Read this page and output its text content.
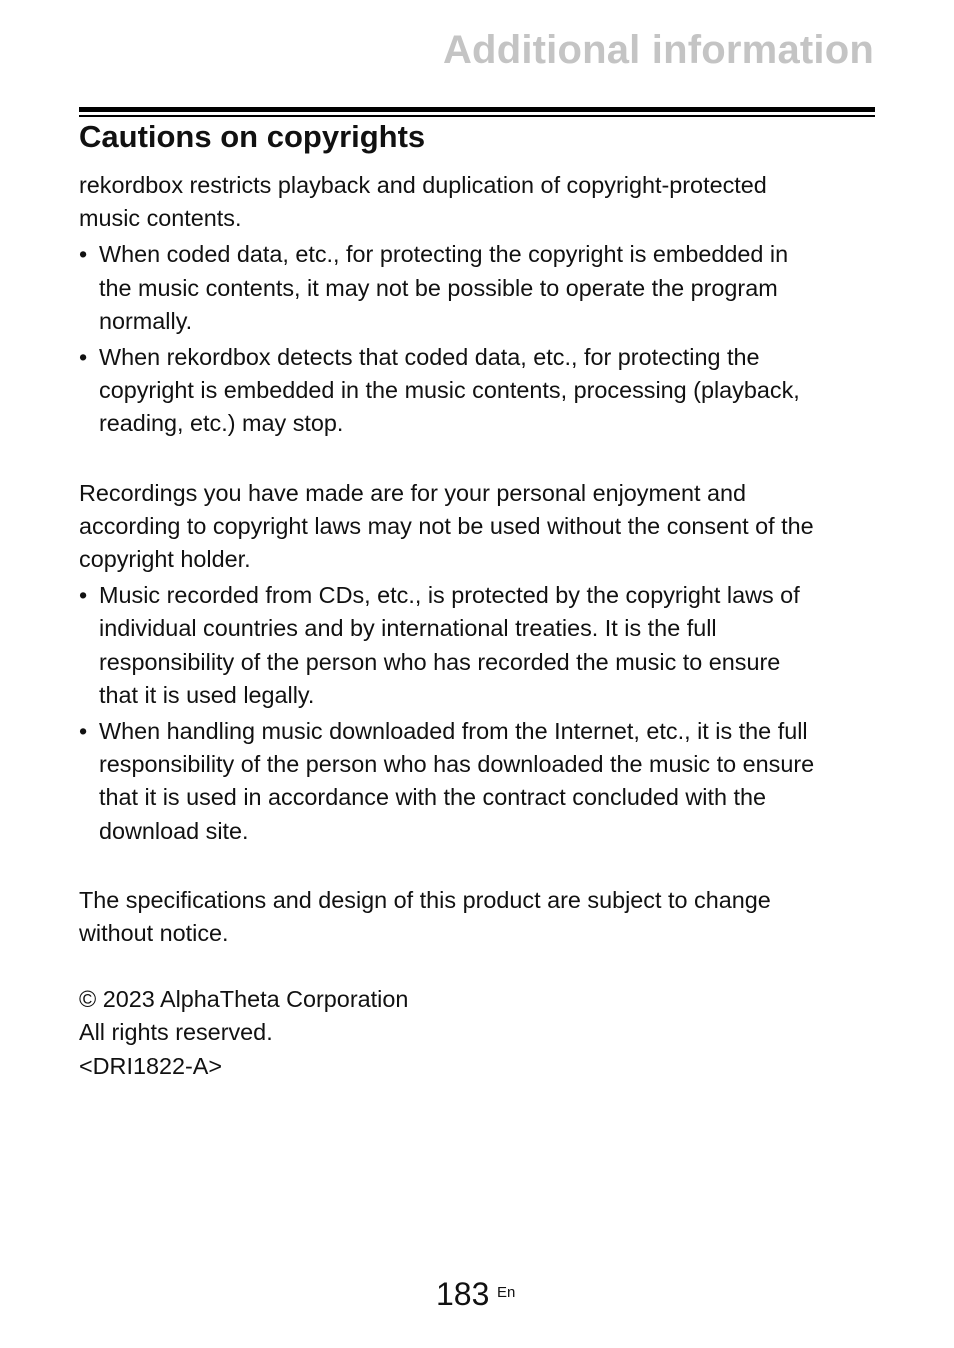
Additional information
Cautions on copyrights

rekordbox restricts playback and duplication of copyright-protected
music contents.

• When coded data, etc., for protecting the copyright is embedded in
the music contents, it may not be possible to operate the program
normally.
• When rekordbox detects that coded data, etc., for protecting the
copyright is embedded in the music contents, processing (playback,
reading, etc.) may stop.

Recordings you have made are for your personal enjoyment and
according to copyright laws may not be used without the consent of the
copyright holder.

• Music recorded from CDs, etc., is protected by the copyright laws of
individual countries and by international treaties. It is the full
responsibility of the person who has recorded the music to ensure
that it is used legally.
• When handling music downloaded from the Internet, etc., it is the full
responsibility of the person who has downloaded the music to ensure
that it is used in accordance with the contract concluded with the
download site.

The specifications and design of this product are subject to change
without notice.

© 2023 AlphaTheta Corporation
All rights reserved.
<DRI1822-A>

183 En
